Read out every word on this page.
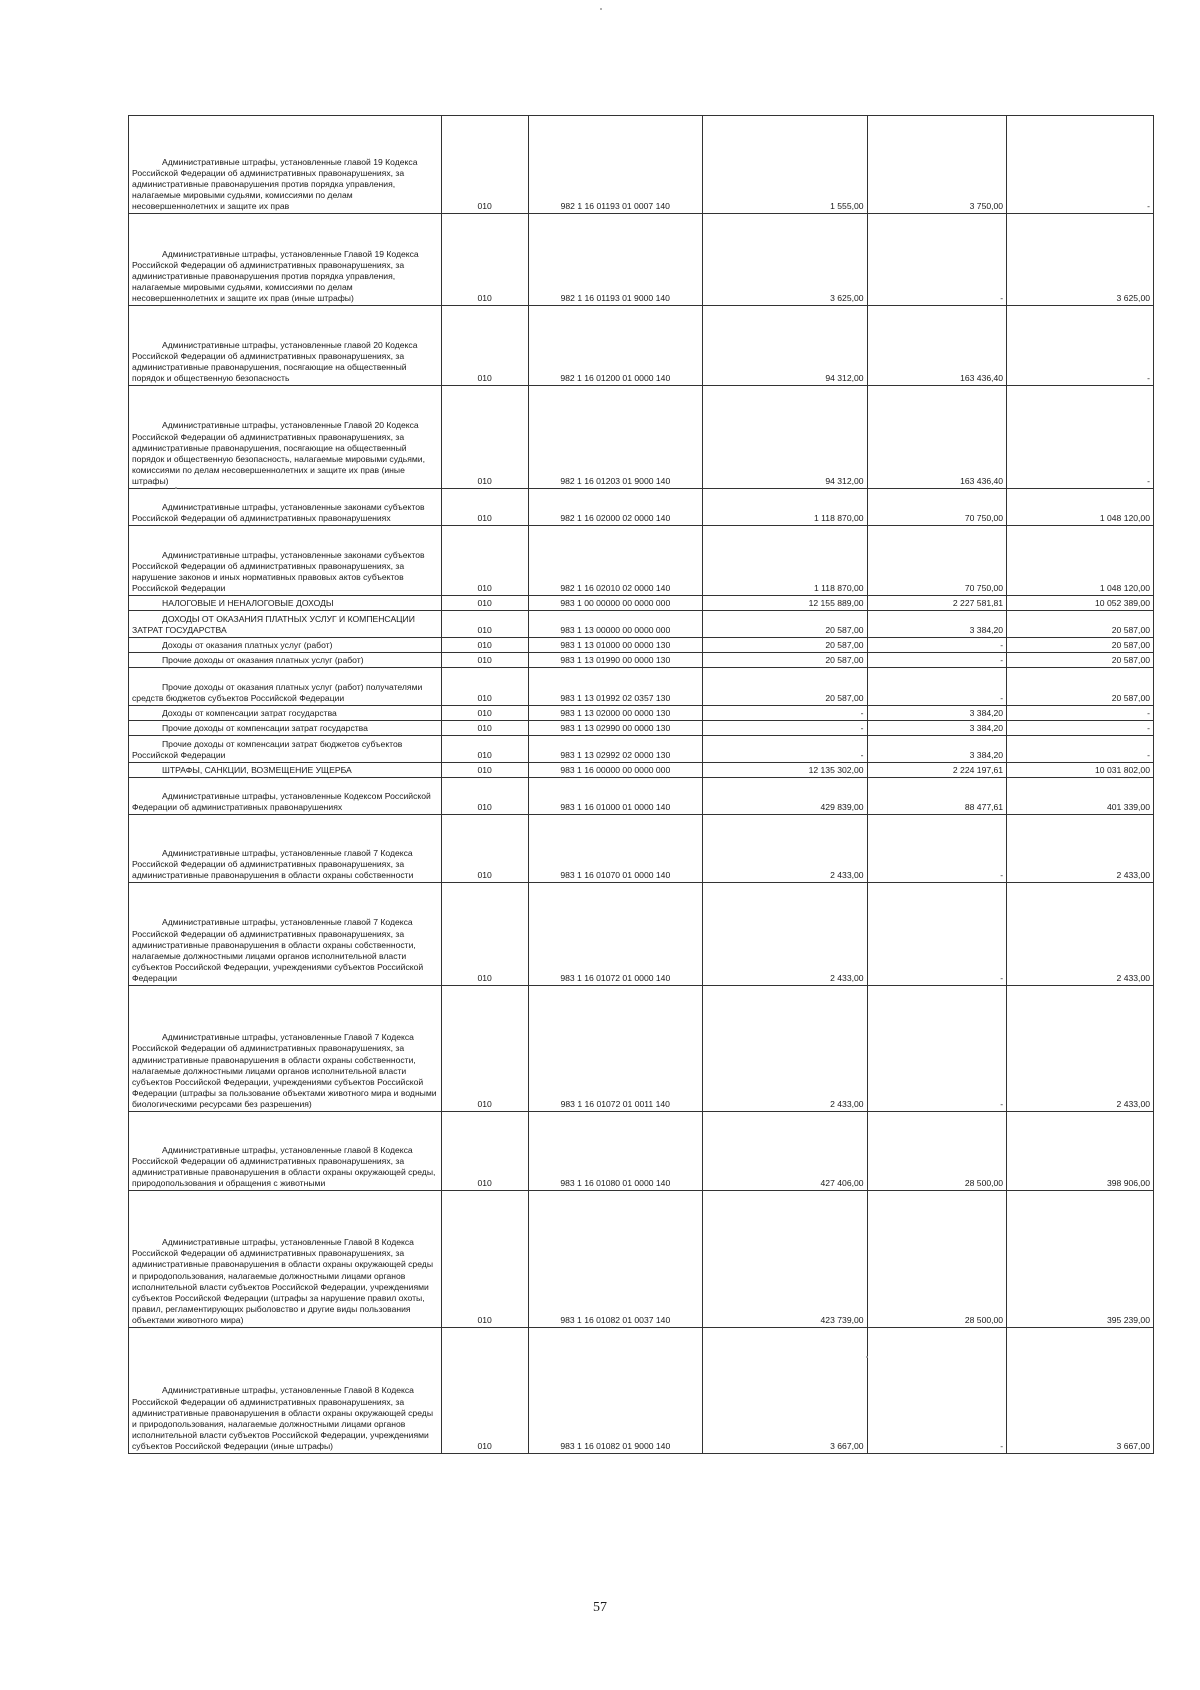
Административные штрафы, установленные главой 19 Кодекса Российской Федерации об административных правонарушениях, за административные правонарушения против порядка управления, налагаемые мировыми судьями, комиссиями по делам несовершеннолетних и защите их прав	010	982 1 16 01193 01 0007 140	1 555,00	3 750,00	-

Административные штрафы, установленные Главой 19 Кодекса Российской Федерации об административных правонарушениях, за административные правонарушения против порядка управления, налагаемые мировыми судьями, комиссиями по делам несовершеннолетних и защите их прав (иные штрафы)	010	982 1 16 01193 01 9000 140	3 625,00	-	3 625,00

Административные штрафы, установленные главой 20 Кодекса Российской Федерации об административных правонарушениях, за административные правонарушения, посягающие на общественный порядок и общественную безопасность	010	982 1 16 01200 01 0000 140	94 312,00	163 436,40	-

Административные штрафы, установленные Главой 20 Кодекса Российской Федерации об административных правонарушениях, за административные правонарушения, посягающие на общественный порядок и общественную безопасность, налагаемые мировыми судьями, комиссиями по делам несовершеннолетних и защите их прав (иные штрафы)	010	982 1 16 01203 01 9000 140	94 312,00	163 436,40	-

Административные штрафы, установленные законами субъектов Российской Федерации об административных правонарушениях	010	982 1 16 02000 02 0000 140	1 118 870,00	70 750,00	1 048 120,00

Административные штрафы, установленные законами субъектов Российской Федерации об административных правонарушениях, за нарушение законов и иных нормативных правовых актов субъектов Российской Федерации	010	982 1 16 02010 02 0000 140	1 118 870,00	70 750,00	1 048 120,00

НАЛОГОВЫЕ И НЕНАЛОГОВЫЕ ДОХОДЫ	010	983 1 00 00000 00 0000 000	12 155 889,00	2 227 581,81	10 052 389,00

ДОХОДЫ ОТ ОКАЗАНИЯ ПЛАТНЫХ УСЛУГ И КОМПЕНСАЦИИ ЗАТРАТ ГОСУДАРСТВА	010	983 1 13 00000 00 0000 000	20 587,00	3 384,20	20 587,00

Доходы от оказания платных услуг (работ)	010	983 1 13 01000 00 0000 130	20 587,00	-	20 587,00

Прочие доходы от оказания платных услуг (работ)	010	983 1 13 01990 00 0000 130	20 587,00	-	20 587,00

Прочие доходы от оказания платных услуг (работ) получателями средств бюджетов субъектов Российской Федерации	010	983 1 13 01992 02 0357 130	20 587,00	-	20 587,00

Доходы от компенсации затрат государства	010	983 1 13 02000 00 0000 130	-	3 384,20	-

Прочие доходы от компенсации затрат государства	010	983 1 13 02990 00 0000 130	-	3 384,20	-

Прочие доходы от компенсации затрат бюджетов субъектов Российской Федерации	010	983 1 13 02992 02 0000 130	-	3 384,20	-

ШТРАФЫ, САНКЦИИ, ВОЗМЕЩЕНИЕ УЩЕРБА	010	983 1 16 00000 00 0000 000	12 135 302,00	2 224 197,61	10 031 802,00

Административные штрафы, установленные Кодексом Российской Федерации об административных правонарушениях	010	983 1 16 01000 01 0000 140	429 839,00	88 477,61	401 339,00

Административные штрафы, установленные главой 7 Кодекса Российской Федерации об административных правонарушениях, за административные правонарушения в области охраны собственности	010	983 1 16 01070 01 0000 140	2 433,00	-	2 433,00

Административные штрафы, установленные главой 7 Кодекса Российской Федерации об административных правонарушениях, за административные правонарушения в области охраны собственности, налагаемые должностными лицами органов исполнительной власти субъектов Российской Федерации, учреждениями субъектов Российской Федерации	010	983 1 16 01072 01 0000 140	2 433,00	-	2 433,00

Административные штрафы, установленные Главой 7 Кодекса Российской Федерации об административных правонарушениях, за административные правонарушения в области охраны собственности, налагаемые должностными лицами органов исполнительной власти субъектов Российской Федерации, учреждениями субъектов Российской Федерации (штрафы за пользование объектами животного мира и водными биологическими ресурсами без разрешения)	010	983 1 16 01072 01 0011 140	2 433,00	-	2 433,00

Административные штрафы, установленные главой 8 Кодекса Российской Федерации об административных правонарушениях, за административные правонарушения в области охраны окружающей среды, природопользования и обращения с животными	010	983 1 16 01080 01 0000 140	427 406,00	28 500,00	398 906,00

Административные штрафы, установленные Главой 8 Кодекса Российской Федерации об административных правонарушениях, за административные правонарушения в области охраны окружающей среды и природопользования, налагаемые должностными лицами органов исполнительной власти субъектов Российской Федерации, учреждениями субъектов Российской Федерации (штрафы за нарушение правил охоты, правил, регламентирующих рыболовство и другие виды пользования объектами животного мира)	010	983 1 16 01082 01 0037 140	423 739,00	28 500,00	395 239,00

Административные штрафы, установленные Главой 8 Кодекса Российской Федерации об административных правонарушениях, за административные правонарушения в области охраны окружающей среды и природопользования, налагаемые должностными лицами органов исполнительной власти субъектов Российской Федерации, учреждениями субъектов Российской Федерации (иные штрафы)	010	983 1 16 01082 01 9000 140	3 667,00	-	3 667,00
57
